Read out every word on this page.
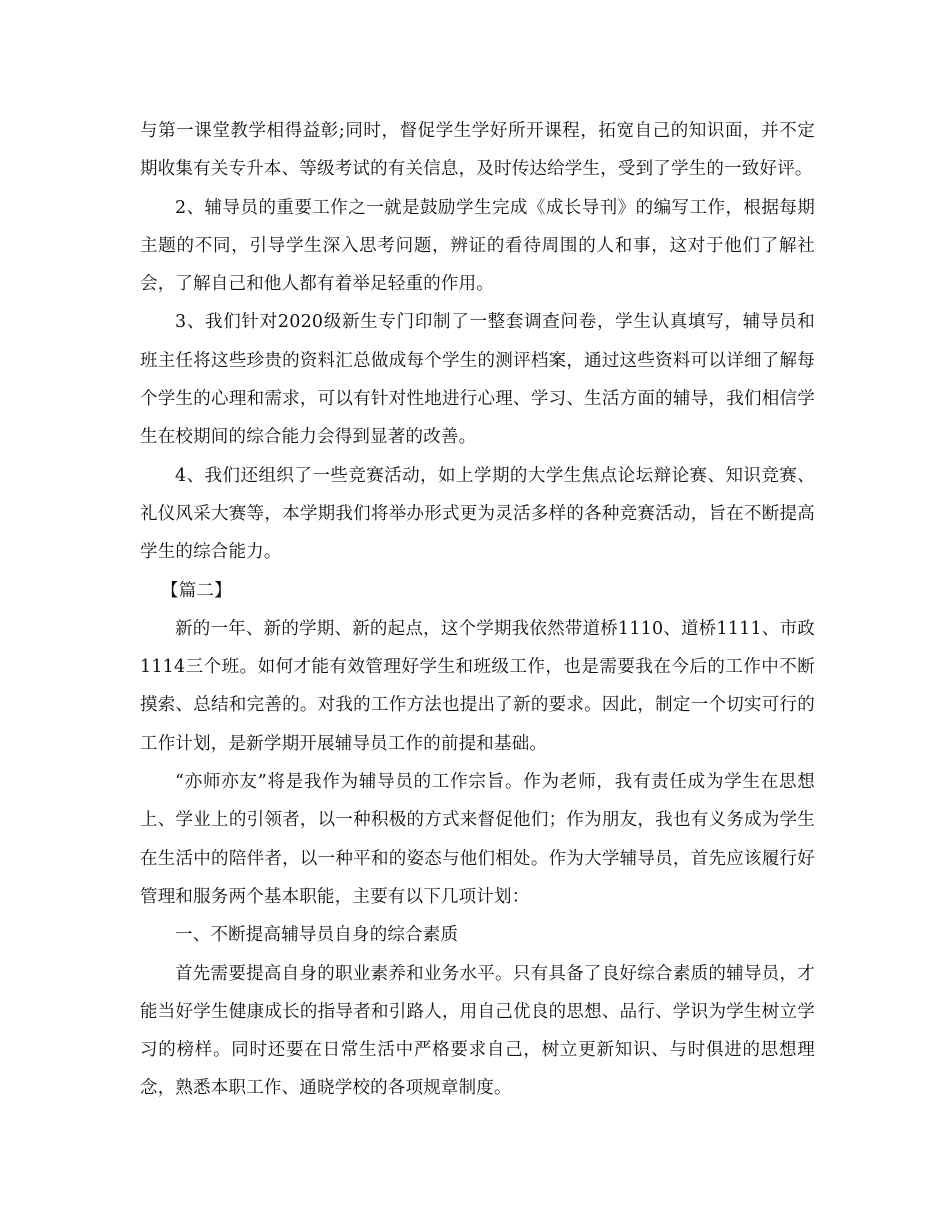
与第一课堂教学相得益彰;同时，督促学生学好所开课程，拓宽自己的知识面，并不定期收集有关专升本、等级考试的有关信息，及时传达给学生，受到了学生的一致好评。

2、辅导员的重要工作之一就是鼓励学生完成《成长导刊》的编写工作，根据每期主题的不同，引导学生深入思考问题，辨证的看待周围的人和事，这对于他们了解社会，了解自己和他人都有着举足轻重的作用。

3、我们针对2020级新生专门印制了一整套调查问卷，学生认真填写，辅导员和班主任将这些珍贵的资料汇总做成每个学生的测评档案，通过这些资料可以详细了解每个学生的心理和需求，可以有针对性地进行心理、学习、生活方面的辅导，我们相信学生在校期间的综合能力会得到显著的改善。

4、我们还组织了一些竞赛活动，如上学期的大学生焦点论坛辩论赛、知识竞赛、礼仪风采大赛等，本学期我们将举办形式更为灵活多样的各种竞赛活动，旨在不断提高学生的综合能力。

【篇二】

新的一年、新的学期、新的起点，这个学期我依然带道桥1110、道桥1111、市政1114三个班。如何才能有效管理好学生和班级工作，也是需要我在今后的工作中不断摸索、总结和完善的。对我的工作方法也提出了新的要求。因此，制定一个切实可行的工作计划，是新学期开展辅导员工作的前提和基础。

“亦师亦友”将是我作为辅导员的工作宗旨。作为老师，我有责任成为学生在思想上、学业上的引领者，以一种积极的方式来督促他们；作为朋友，我也有义务成为学生在生活中的陪伴者，以一种平和的姿态与他们相处。作为大学辅导员，首先应该履行好管理和服务两个基本职能，主要有以下几项计划：

一、不断提高辅导员自身的综合素质

首先需要提高自身的职业素养和业务水平。只有具备了良好综合素质的辅导员，才能当好学生健康成长的指导者和引路人，用自己优良的思想、品行、学识为学生树立学习的榜样。同时还要在日常生活中严格要求自己，树立更新知识、与时俱进的思想理念，熟悉本职工作、通晓学校的各项规章制度。
